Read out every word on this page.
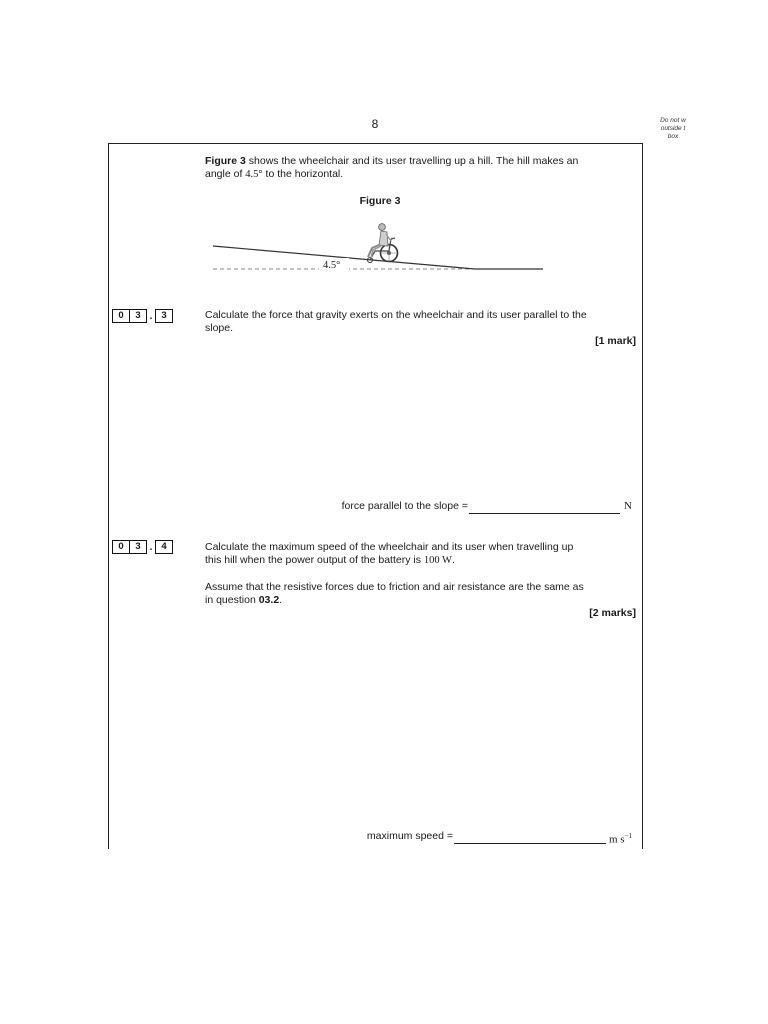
8	Do not w
outside t
box
Figure 3 shows the wheelchair and its user travelling up a hill. The hill makes an
angle of 4.5° to the horizontal.
Figure 3
4.5°
0	3 . 3	Calculate the force that gravity exerts on the wheelchair and its user parallel to the
slope.
[1 mark]
force parallel to the slope =	N
0	3 . 4	Calculate the maximum speed of the wheelchair and its user when travelling up
this hill when the power output of the battery is 100 W.
Assume that the resistive forces due to friction and air resistance are the same as
in question 03.2.
[2 marks]
maximum speed =	m $s^{-1}$
